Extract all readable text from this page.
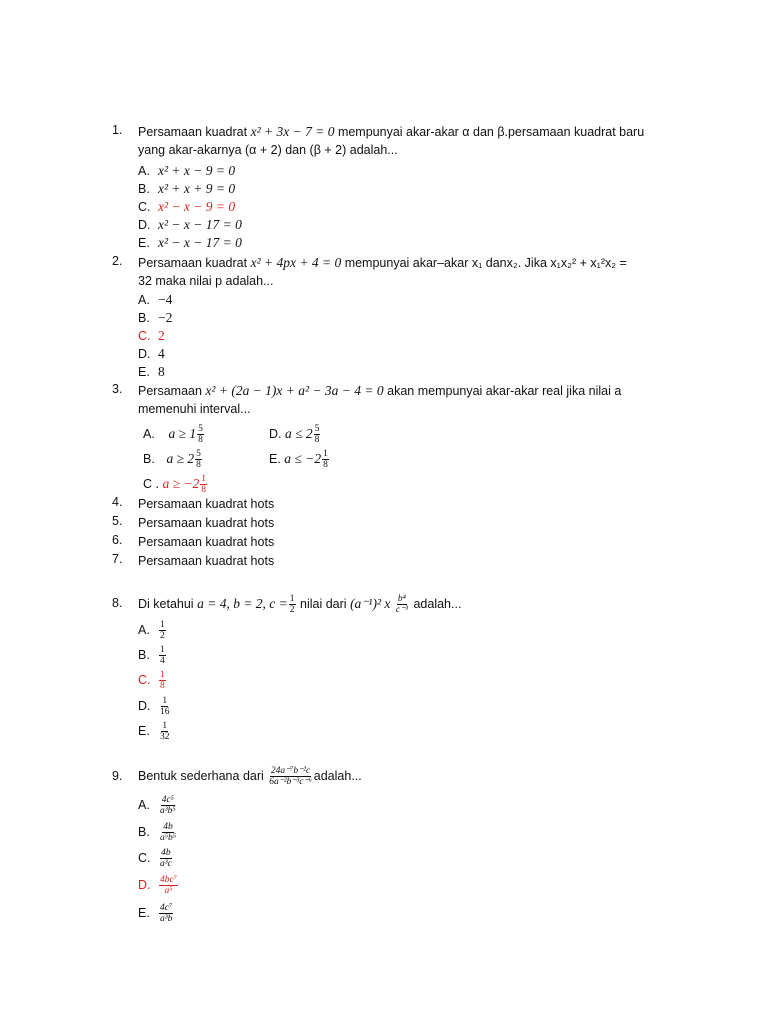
1. Persamaan kuadrat x² + 3x − 7 = 0 mempunyai akar-akar α dan β.persamaan kuadrat baru
yang akar-akarnya (α + 2) dan (β + 2) adalah...
A. x² + x − 9 = 0
B. x² + x + 9 = 0
C. x² − x − 9 = 0
D. x² − x − 17 = 0
E. x² − x − 17 = 0
2. Persamaan kuadrat x² + 4px + 4 = 0 mempunyai akar–akar x₁ danx₂. Jika x₁x₂² + x₁²x₂ =
32 maka nilai p adalah...
A. −4
B. −2
C. 2
D. 4
E. 8
3. Persamaan x² + (2a − 1)x + a² − 3a − 4 = 0 akan mempunyai akar-akar real jika nilai a
memenuhi interval...
A. $a \ge 1 \frac{5}{8}$	D. $a \le 2 \frac{5}{8}$
B. $a \ge 2 \frac{5}{8}$	E. $a \le -2 \frac{1}{8}$
C . $a \ge -2 \frac{1}{8}$
4. Persamaan kuadrat hots
5. Persamaan kuadrat hots
6. Persamaan kuadrat hots
7. Persamaan kuadrat hots
8. Di ketahui a = 4, b = 2, $c = \frac{1}{2}$ nilai dari (a⁻¹)² x $\frac{\text{b⁴}}{\text{c⁻³}}$ adalah...
A. $\frac{1}{2}$
B. $\frac{1}{4}$
C. $\frac{1}{8}$
D. $\frac{1}{16}$
E. $\frac{1}{32}$
9. Bentuk sederhana dari $\frac{\text{24a⁻⁷b⁻²c}}{\text{6a⁻²b⁻³c⁻⁶}}$ adalah...
A. $\frac{\text{4c⁵}}{\text{a³b⁵}}$
B. $\frac{4b}{\text{a⁵b⁵}}$
C. $\frac{4b}{\text{a³c}}$
D. $\frac{\text{4bc⁷}}{\text{a⁵}}$
E. $\frac{\text{4c⁷}}{\text{a³b}}$
